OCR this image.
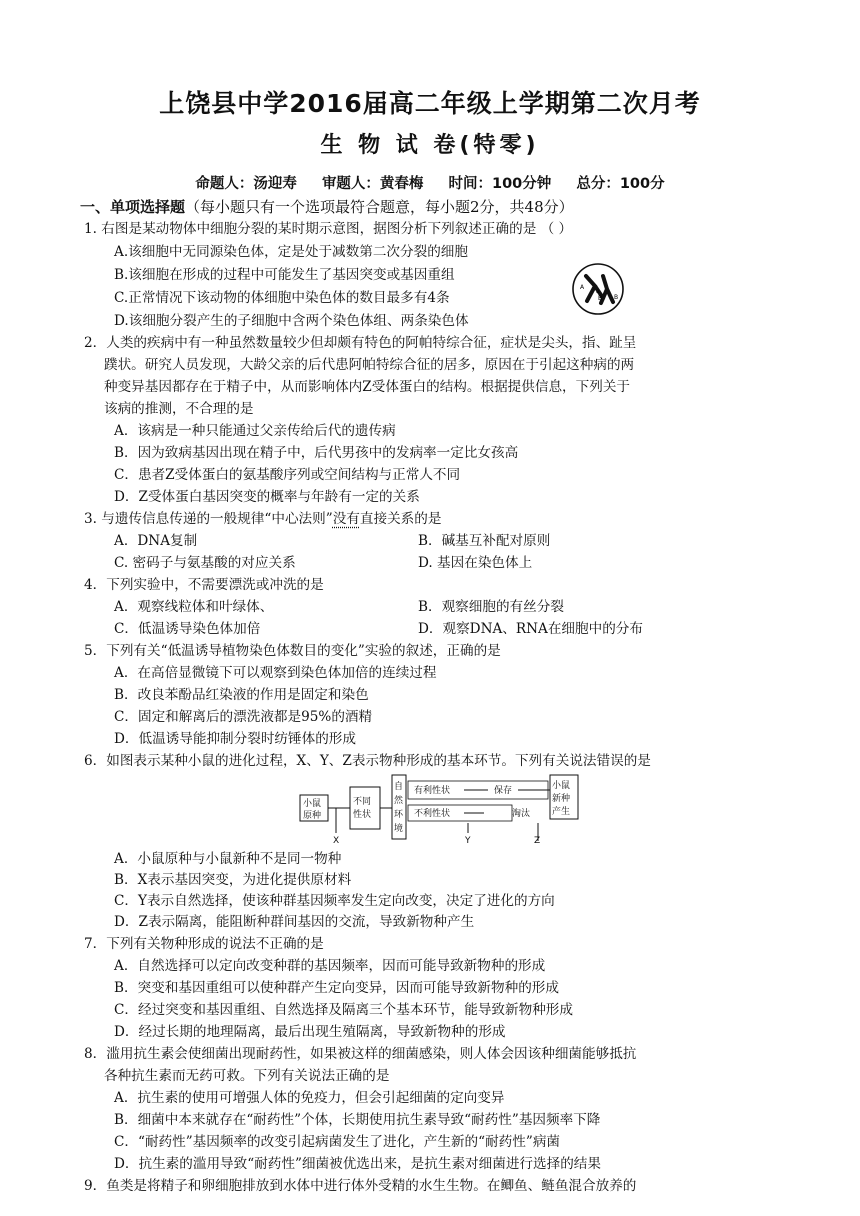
上饶县中学2016届高二年级上学期第二次月考
生 物 试 卷(特零)
命题人：汤迎寿 审题人：黄春梅 时间：100分钟 总分：100分
一、单项选择题（每小题只有一个选项最符合题意，每小题2分，共48分）
1. 右图是某动物体中细胞分裂的某时期示意图，据图分析下列叙述正确的是 （ ）
A.该细胞中无同源染色体，定是处于减数第二次分裂的细胞
B.该细胞在形成的过程中可能发生了基因突变或基因重组
C.正常情况下该动物的体细胞中染色体的数目最多有4条
D.该细胞分裂产生的子细胞中含两个染色体组、两条染色体
A
a
B B
2．人类的疾病中有一种虽然数量较少但却颇有特色的阿帕特综合征，症状是尖头，指、趾呈
蹼状。研究人员发现，大龄父亲的后代患阿帕特综合征的居多，原因在于引起这种病的两
种变异基因都存在于精子中，从而影响体内Z受体蛋白的结构。根据提供信息，下列关于
该病的推测，不合理的是
A．该病是一种只能通过父亲传给后代的遗传病
B．因为致病基因出现在精子中，后代男孩中的发病率一定比女孩高
C．患者Z受体蛋白的氨基酸序列或空间结构与正常人不同
D．Z受体蛋白基因突变的概率与年龄有一定的关系
3. 与遗传信息传递的一般规律“中心法则”没有直接关系的是
A．DNA复制	B．碱基互补配对原则
C. 密码子与氨基酸的对应关系	D. 基因在染色体上
4．下列实验中，不需要漂洗或冲洗的是
A．观察线粒体和叶绿体、	B．观察细胞的有丝分裂
C．低温诱导染色体加倍	D．观察DNA、RNA在细胞中的分布
5．下列有关“低温诱导植物染色体数目的变化”实验的叙述，正确的是
A．在高倍显微镜下可以观察到染色体加倍的连续过程
B．改良苯酚品红染液的作用是固定和染色
C．固定和解离后的漂洗液都是95%的酒精
D．低温诱导能抑制分裂时纺锤体的形成
6．如图表示某种小鼠的进化过程，X、Y、Z表示物种形成的基本环节。下列有关说法错误的是
小鼠
原种
不同
性状
自
然
环
境
有利性状	保存
不利性状	淘汰
小鼠
新种
产生
X	Y	Z
A．小鼠原种与小鼠新种不是同一物种
B．X表示基因突变，为进化提供原材料
C．Y表示自然选择，使该种群基因频率发生定向改变，决定了进化的方向
D．Z表示隔离，能阻断种群间基因的交流，导致新物种产生
7．下列有关物种形成的说法不正确的是
A．自然选择可以定向改变种群的基因频率，因而可能导致新物种的形成
B．突变和基因重组可以使种群产生定向变异，因而可能导致新物种的形成
C．经过突变和基因重组、自然选择及隔离三个基本环节，能导致新物种形成
D．经过长期的地理隔离，最后出现生殖隔离，导致新物种的形成
8．滥用抗生素会使细菌出现耐药性，如果被这样的细菌感染，则人体会因该种细菌能够抵抗
各种抗生素而无药可救。下列有关说法正确的是
A．抗生素的使用可增强人体的免疫力，但会引起细菌的定向变异
B．细菌中本来就存在“耐药性”个体，长期使用抗生素导致“耐药性”基因频率下降
C．“耐药性”基因频率的改变引起病菌发生了进化，产生新的“耐药性”病菌
D．抗生素的滥用导致“耐药性”细菌被优选出来，是抗生素对细菌进行选择的结果
9．鱼类是将精子和卵细胞排放到水体中进行体外受精的水生生物。在鲫鱼、鲢鱼混合放养的
